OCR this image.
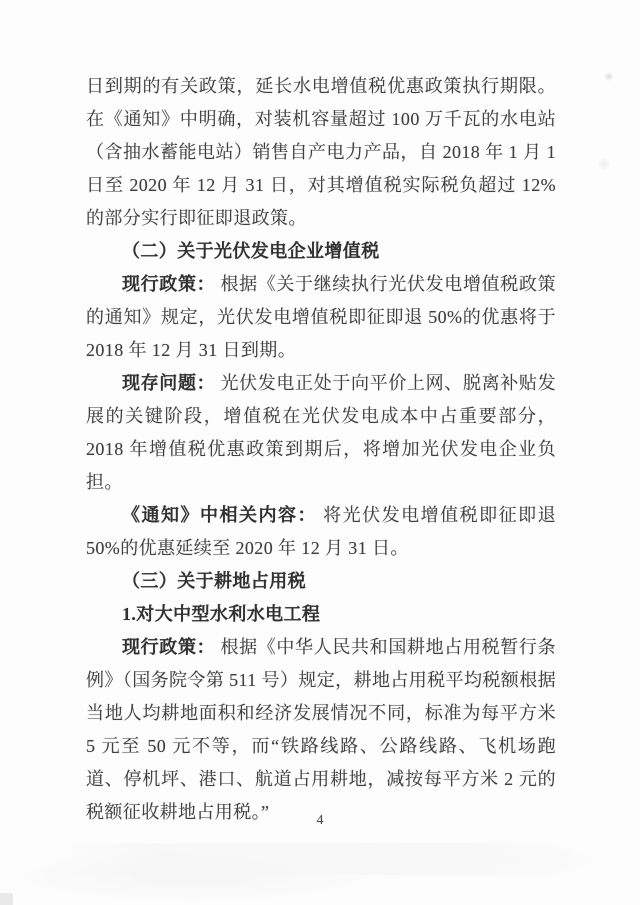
日到期的有关政策，延长水电增值税优惠政策执行期限。在《通知》中明确，对装机容量超过 100 万千瓦的水电站（含抽水蓄能电站）销售自产电力产品，自 2018 年 1 月 1 日至 2020 年 12 月 31 日，对其增值税实际税负超过 12%的部分实行即征即退政策。

（二）关于光伏发电企业增值税

现行政策： 根据《关于继续执行光伏发电增值税政策的通知》规定，光伏发电增值税即征即退 50%的优惠将于 2018 年 12 月 31 日到期。

现存问题： 光伏发电正处于向平价上网、脱离补贴发展的关键阶段，增值税在光伏发电成本中占重要部分，2018 年增值税优惠政策到期后，将增加光伏发电企业负担。

《通知》中相关内容： 将光伏发电增值税即征即退 50%的优惠延续至 2020 年 12 月 31 日。

（三）关于耕地占用税

1.对大中型水利水电工程

现行政策： 根据《中华人民共和国耕地占用税暂行条例》（国务院令第 511 号）规定，耕地占用税平均税额根据当地人均耕地面积和经济发展情况不同，标准为每平方米 5 元至 50 元不等，而“铁路线路、公路线路、飞机场跑道、停机坪、港口、航道占用耕地，减按每平方米 2 元的税额征收耕地占用税。”	4
